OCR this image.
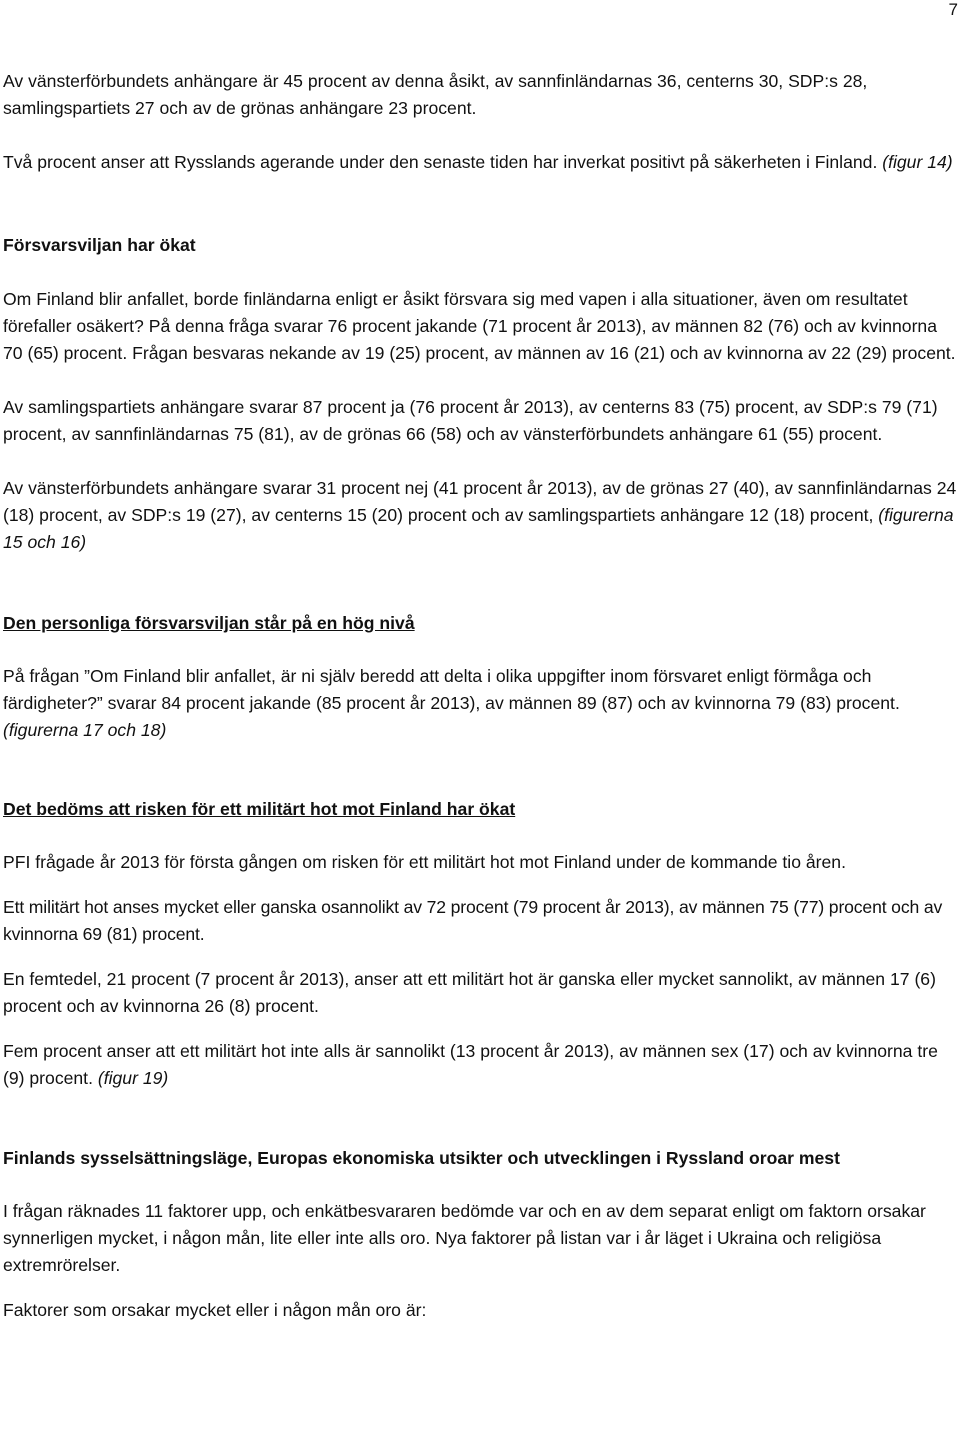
7

Av vänsterförbundets anhängare är 45 procent av denna åsikt, av sannfinländarnas 36, centerns 30, SDP:s 28, samlingspartiets 27 och av de grönas anhängare 23 procent.

Två procent anser att Rysslands agerande under den senaste tiden har inverkat positivt på säkerheten i Finland. (figur 14)

Försvarsviljan har ökat

Om Finland blir anfallet, borde finländarna enligt er åsikt försvara sig med vapen i alla situationer, även om resultatet förefaller osäkert? På denna fråga svarar 76 procent jakande (71 procent år 2013), av männen 82 (76) och av kvinnorna 70 (65) procent. Frågan besvaras nekande av 19 (25) procent, av männen av 16 (21) och av kvinnorna av 22 (29) procent.

Av samlingspartiets anhängare svarar 87 procent ja (76 procent år 2013), av centerns 83 (75) procent, av SDP:s 79 (71) procent, av sannfinländarnas 75 (81), av de grönas 66 (58) och av vänsterförbundets anhängare 61 (55) procent.

Av vänsterförbundets anhängare svarar 31 procent nej (41 procent år 2013), av de grönas 27 (40), av sannfinländarnas 24 (18) procent, av SDP:s 19 (27), av centerns 15 (20) procent och av samlingspartiets anhängare 12 (18) procent, (figurerna 15 och 16)

Den personliga försvarsviljan står på en hög nivå

På frågan ”Om Finland blir anfallet, är ni själv beredd att delta i olika uppgifter inom försvaret enligt förmåga och färdigheter?” svarar 84 procent jakande (85 procent år 2013), av männen 89 (87) och av kvinnorna 79 (83) procent. (figurerna 17 och 18)

Det bedöms att risken för ett militärt hot mot Finland har ökat

PFI frågade år 2013 för första gången om risken för ett militärt hot mot Finland under de kommande tio åren.

Ett militärt hot anses mycket eller ganska osannolikt av 72 procent (79 procent år 2013), av männen 75 (77) procent och av kvinnorna 69 (81) procent.

En femtedel, 21 procent (7 procent år 2013), anser att ett militärt hot är ganska eller mycket sannolikt, av männen 17 (6) procent och av kvinnorna 26 (8) procent.

Fem procent anser att ett militärt hot inte alls är sannolikt (13 procent år 2013), av männen sex (17) och av kvinnorna tre (9) procent. (figur 19)

Finlands sysselsättningsläge, Europas ekonomiska utsikter och utvecklingen i Ryssland oroar mest

I frågan räknades 11 faktorer upp, och enkätbesvararen bedömde var och en av dem separat enligt om faktorn orsakar synnerligen mycket, i någon mån, lite eller inte alls oro. Nya faktorer på listan var i år läget i Ukraina och religiösa extremrörelser.

Faktorer som orsakar mycket eller i någon mån oro är:
